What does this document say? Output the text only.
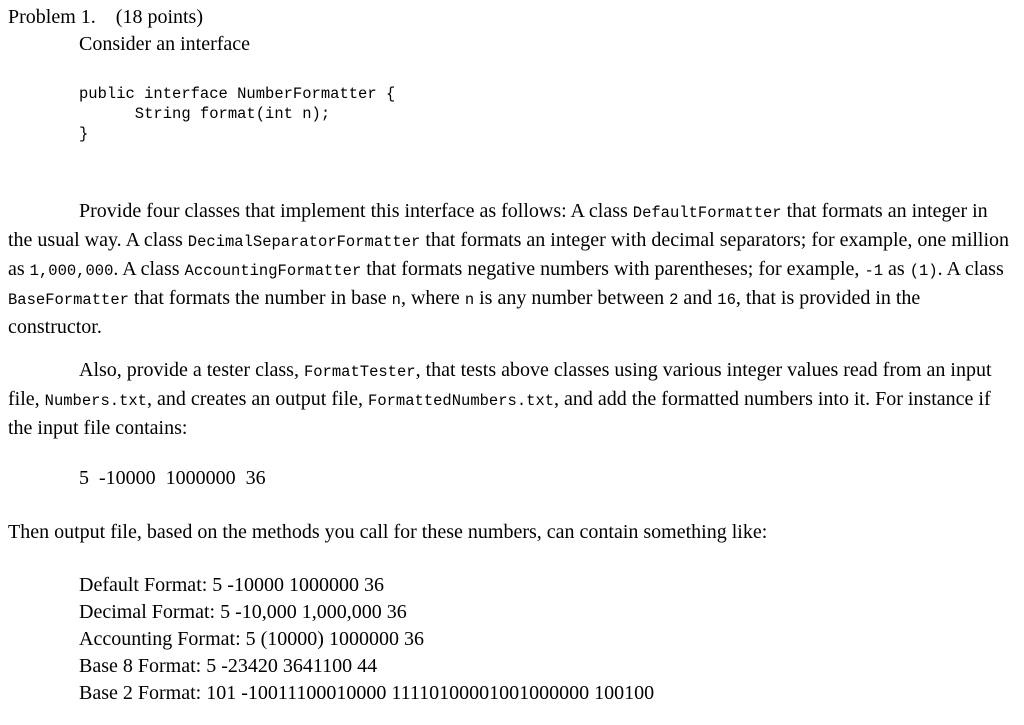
Problem 1. (18 points)
Consider an interface
public interface NumberFormatter {
String format(int n);
}
Provide four classes that implement this interface as follows: A class DefaultFormatter that formats an integer in the usual way. A class DecimalSeparatorFormatter that formats an integer with decimal separators; for example, one million as 1,000,000. A class AccountingFormatter that formats negative numbers with parentheses; for example, -1 as (1). A class BaseFormatter that formats the number in base n, where n is any number between 2 and 16, that is provided in the constructor.
Also, provide a tester class, FormatTester, that tests above classes using various integer values read from an input file, Numbers.txt, and creates an output file, FormattedNumbers.txt, and add the formatted numbers into it. For instance if the input file contains:
5  -10000  1000000  36
Then output file, based on the methods you call for these numbers, can contain something like:
Default Format: 5 -10000 1000000 36
Decimal Format: 5 -10,000 1,000,000 36
Accounting Format: 5 (10000) 1000000 36
Base 8 Format: 5 -23420 3641100 44
Base 2 Format: 101 -10011100010000 11110100001001000000 100100
